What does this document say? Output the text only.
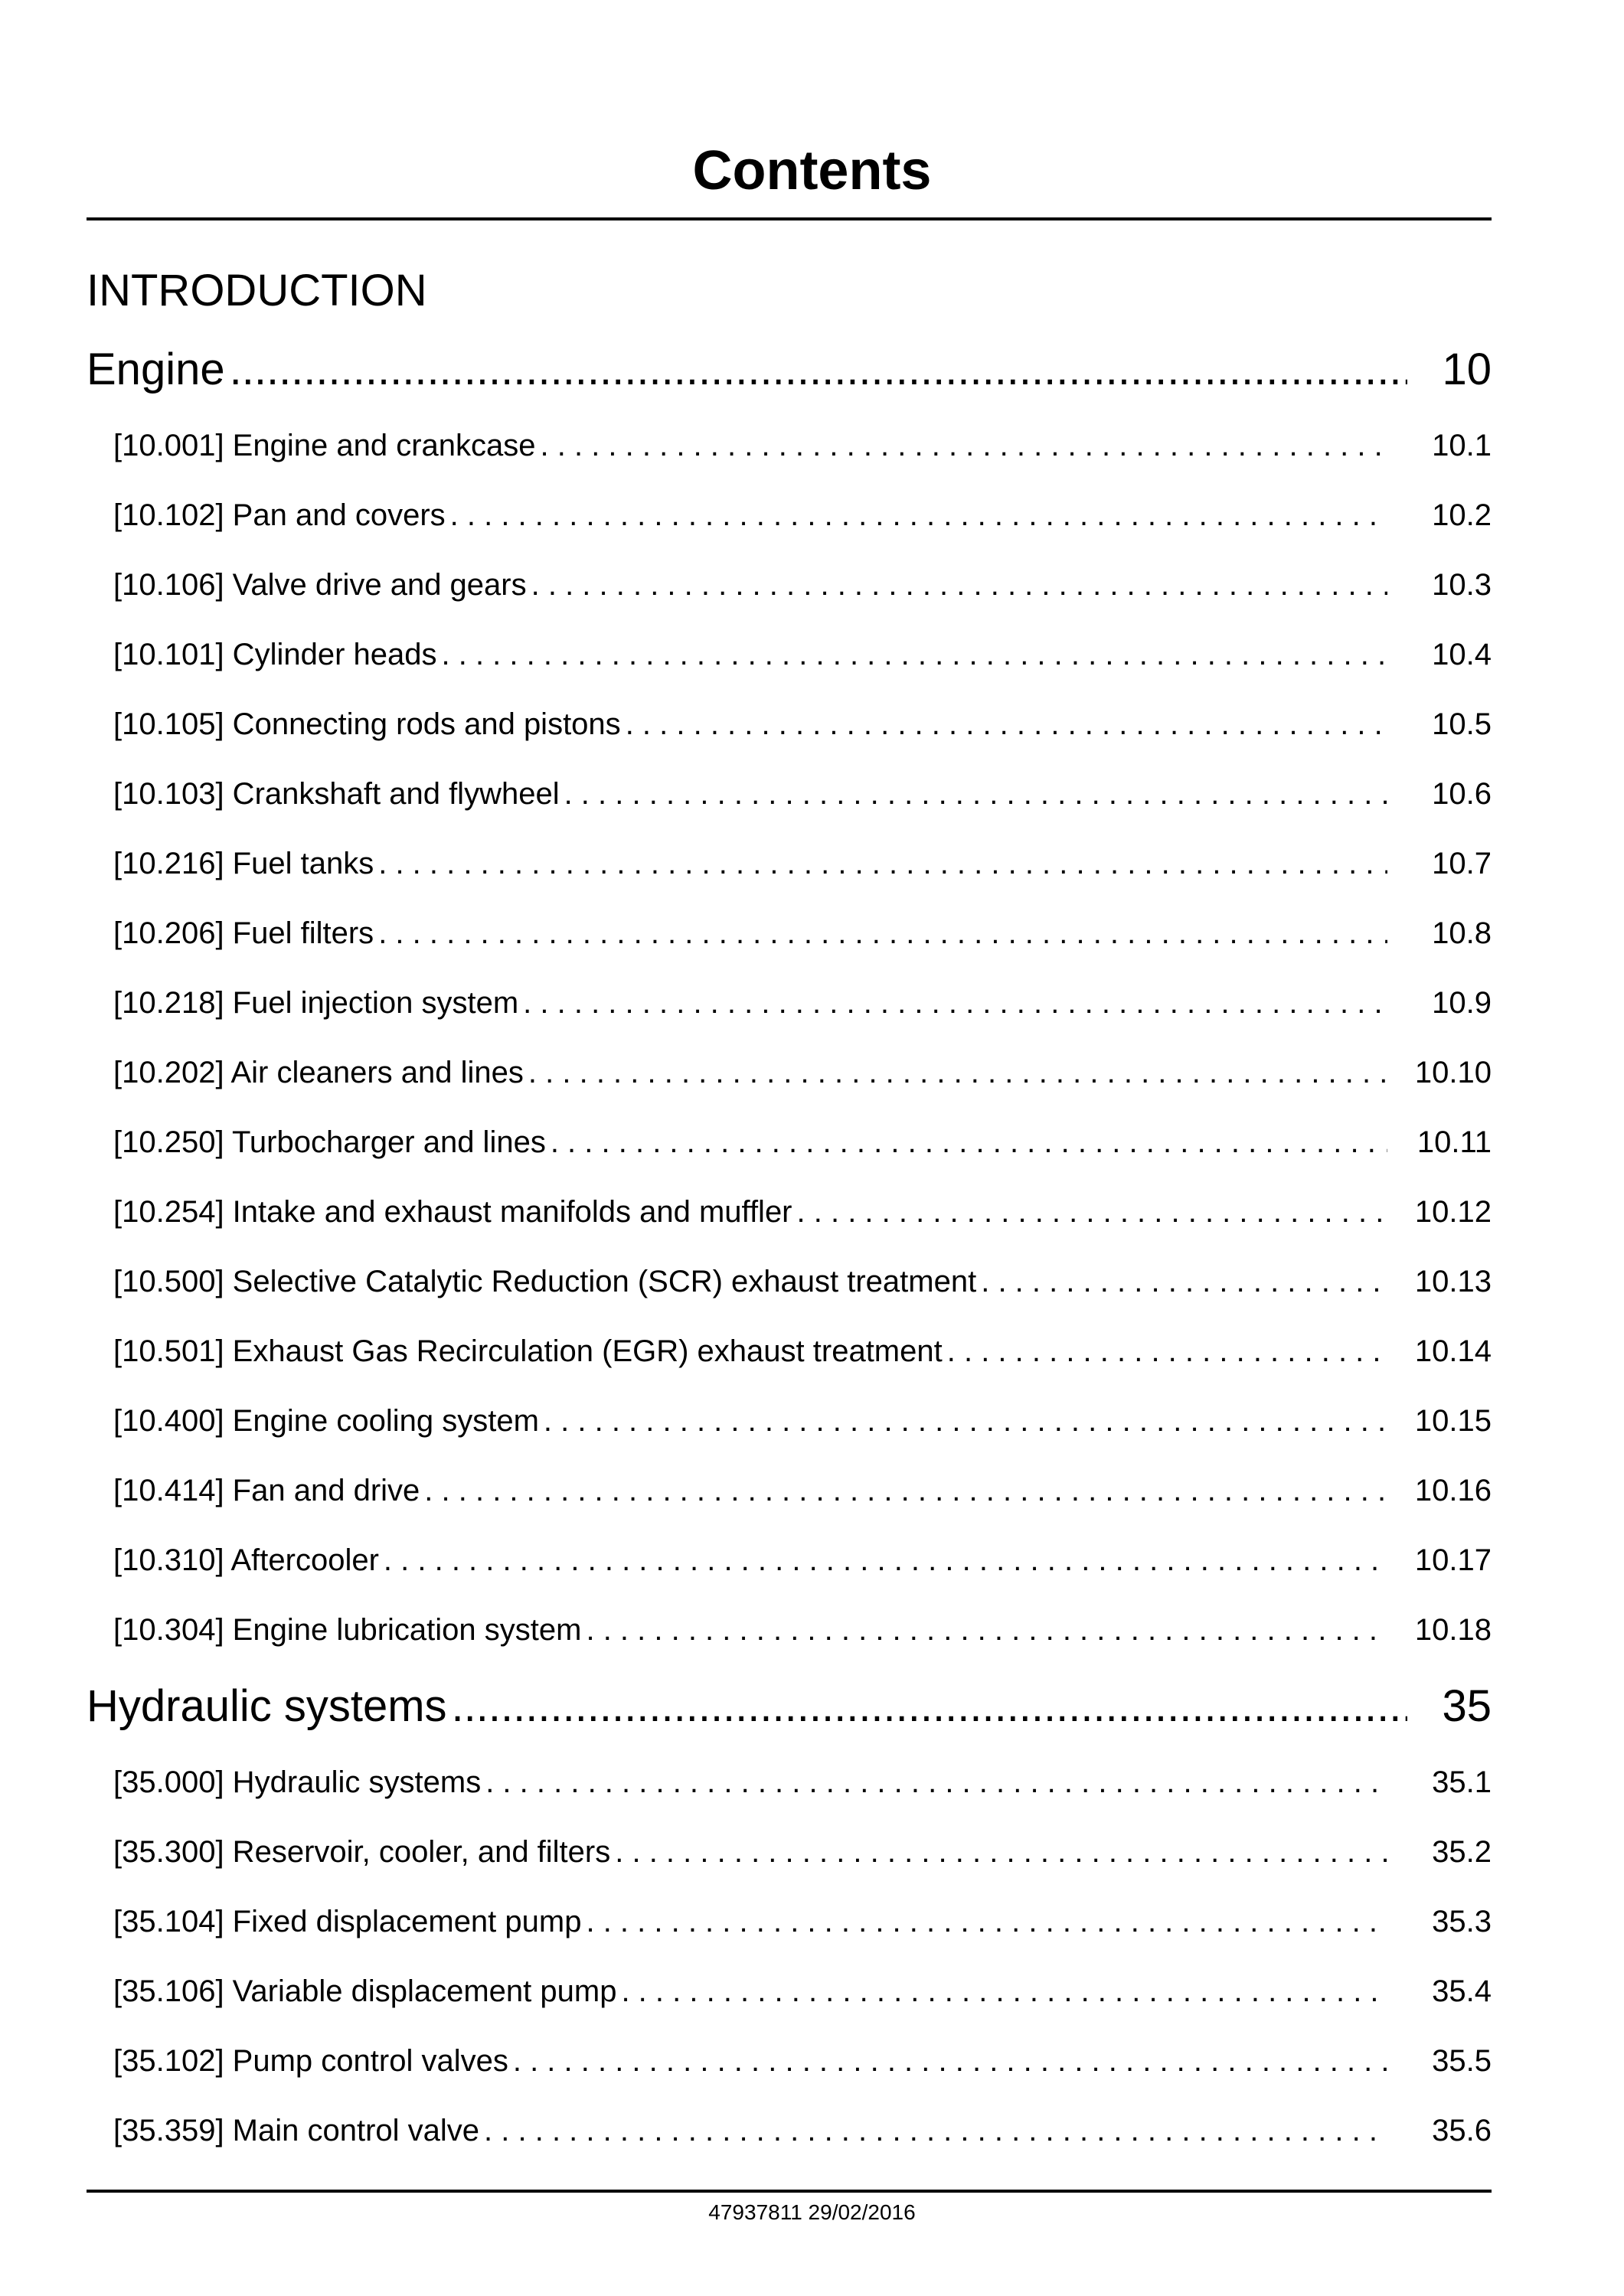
Contents
INTRODUCTION
Engine .....	10
[10.001] Engine and crankcase . . .	10.1
[10.102] Pan and covers . . .	10.2
[10.106] Valve drive and gears . . .	10.3
[10.101] Cylinder heads . . .	10.4
[10.105] Connecting rods and pistons . . .	10.5
[10.103] Crankshaft and flywheel . . .	10.6
[10.216] Fuel tanks . . .	10.7
[10.206] Fuel filters . . .	10.8
[10.218] Fuel injection system . . .	10.9
[10.202] Air cleaners and lines . . .	10.10
[10.250] Turbocharger and lines . . .	10.11
[10.254] Intake and exhaust manifolds and muffler . . .	10.12
[10.500] Selective Catalytic Reduction (SCR) exhaust treatment . . .	10.13
[10.501] Exhaust Gas Recirculation (EGR) exhaust treatment . . .	10.14
[10.400] Engine cooling system . . .	10.15
[10.414] Fan and drive . . .	10.16
[10.310] Aftercooler . . .	10.17
[10.304] Engine lubrication system . . .	10.18
Hydraulic systems .....	35
[35.000] Hydraulic systems . . .	35.1
[35.300] Reservoir, cooler, and filters . . .	35.2
[35.104] Fixed displacement pump . . .	35.3
[35.106] Variable displacement pump . . .	35.4
[35.102] Pump control valves . . .	35.5
[35.359] Main control valve . . .	35.6
47937811 29/02/2016
